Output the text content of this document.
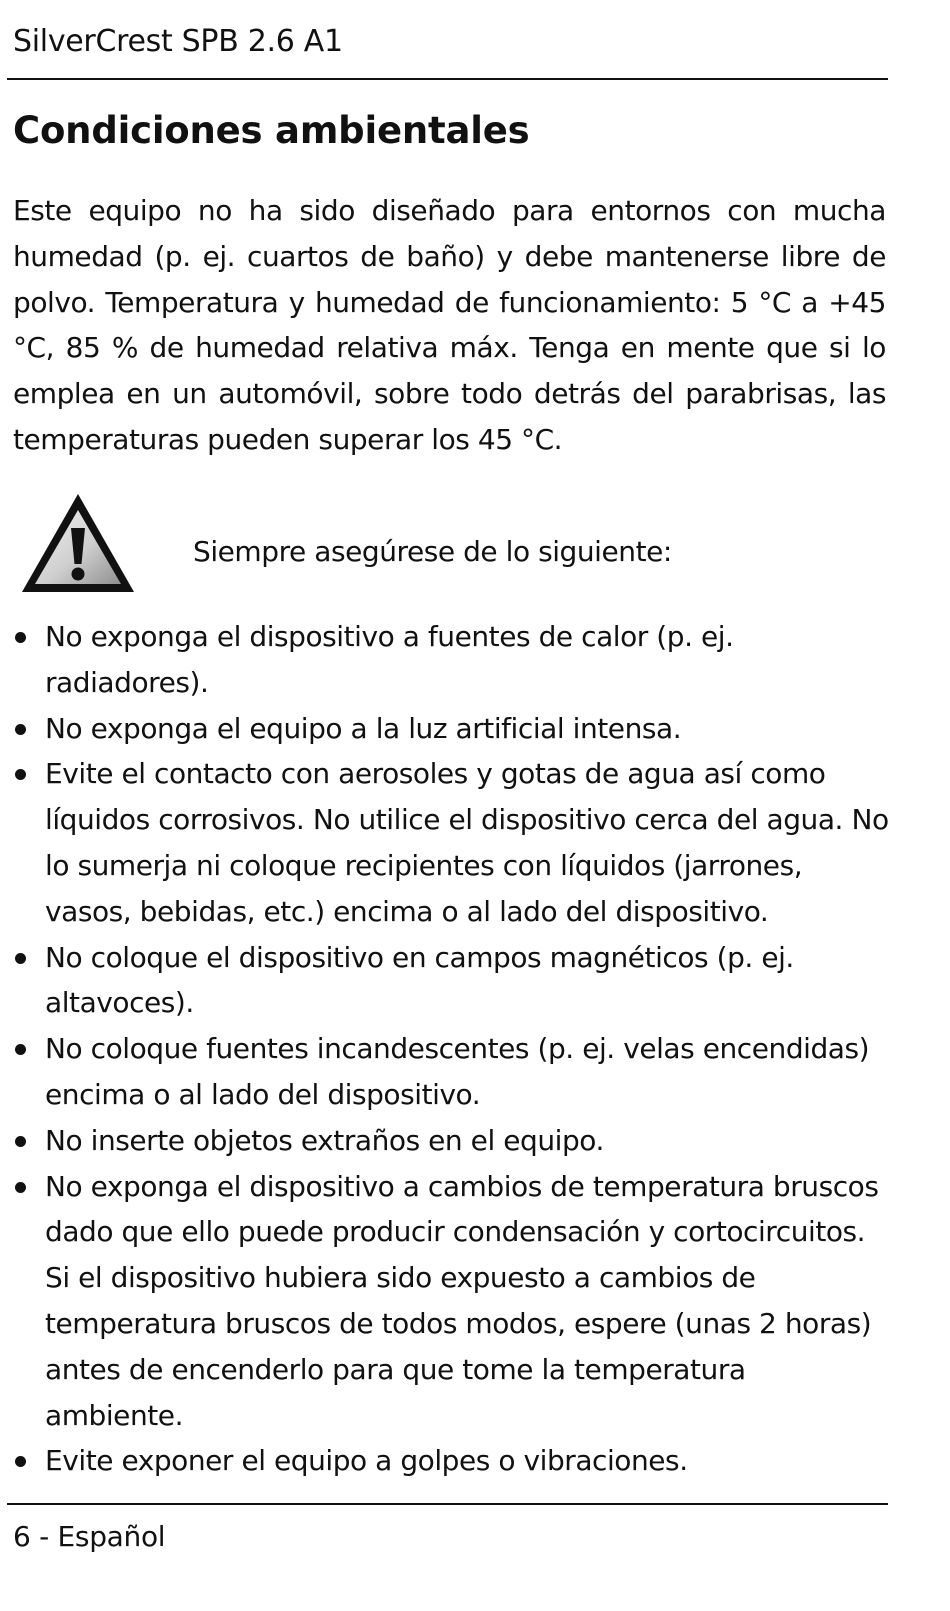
SilverCrest SPB 2.6 A1
Condiciones ambientales

Este equipo no ha sido diseñado para entornos con mucha humedad (p. ej. cuartos de baño) y debe mantenerse libre de polvo. Temperatura y humedad de funcionamiento: 5 °C a +45 °C, 85 % de humedad relativa máx. Tenga en mente que si lo emplea en un automóvil, sobre todo detrás del parabrisas, las temperaturas pueden superar los 45 °C.

Siempre asegúrese de lo siguiente:
No exponga el dispositivo a fuentes de calor (p. ej. radiadores).
No exponga el equipo a la luz artificial intensa.
Evite el contacto con aerosoles y gotas de agua así como líquidos corrosivos. No utilice el dispositivo cerca del agua. No lo sumerja ni coloque recipientes con líquidos (jarrones, vasos, bebidas, etc.) encima o al lado del dispositivo.
No coloque el dispositivo en campos magnéticos (p. ej. altavoces).
No coloque fuentes incandescentes (p. ej. velas encendidas) encima o al lado del dispositivo.
No inserte objetos extraños en el equipo.
No exponga el dispositivo a cambios de temperatura bruscos dado que ello puede producir condensación y cortocircuitos. Si el dispositivo hubiera sido expuesto a cambios de temperatura bruscos de todos modos, espere (unas 2 horas) antes de encenderlo para que tome la temperatura ambiente.
Evite exponer el equipo a golpes o vibraciones.
6 - Español
